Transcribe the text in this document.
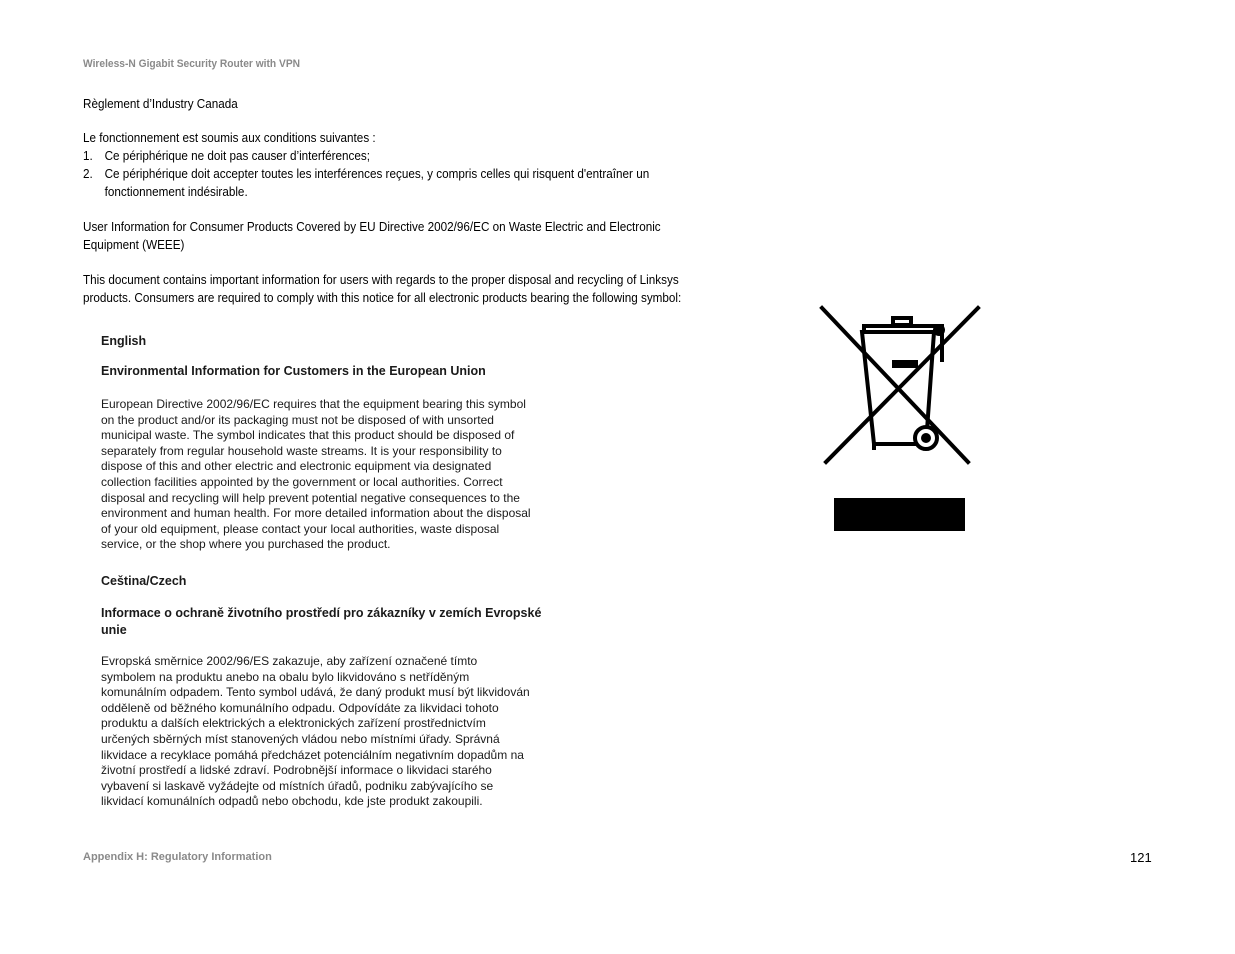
Wireless-N Gigabit Security Router with VPN
Règlement d’Industry Canada
Le fonctionnement est soumis aux conditions suivantes :
1. Ce périphérique ne doit pas causer d’interférences;
2. Ce périphérique doit accepter toutes les interférences reçues, y compris celles qui risquent d'entraîner un
fonctionnement indésirable.
User Information for Consumer Products Covered by EU Directive 2002/96/EC on Waste Electric and Electronic
Equipment (WEEE)
This document contains important information for users with regards to the proper disposal and recycling of Linksys
products. Consumers are required to comply with this notice for all electronic products bearing the following symbol:
English
Environmental Information for Customers in the European Union
European Directive 2002/96/EC requires that the equipment bearing this symbol
on the product and/or its packaging must not be disposed of with unsorted
municipal waste. The symbol indicates that this product should be disposed of
separately from regular household waste streams. It is your responsibility to
dispose of this and other electric and electronic equipment via designated
collection facilities appointed by the government or local authorities. Correct
disposal and recycling will help prevent potential negative consequences to the
environment and human health. For more detailed information about the disposal
of your old equipment, please contact your local authorities, waste disposal
service, or the shop where you purchased the product.
Ceština/Czech
Informace o ochraně životního prostředí pro zákazníky v zemích Evropské
unie
Evropská směrnice 2002/96/ES zakazuje, aby zařízení označené tímto
symbolem na produktu anebo na obalu bylo likvidováno s netříděným
komunálním odpadem. Tento symbol udává, že daný produkt musí být likvidován
odděleně od běžného komunálního odpadu. Odpovídáte za likvidaci tohoto
produktu a dalších elektrických a elektronických zařízení prostřednictvím
určených sběrných míst stanovených vládou nebo místními úřady. Správná
likvidace a recyklace pomáhá předcházet potenciálním negativním dopadům na
životní prostředí a lidské zdraví. Podrobnější informace o likvidaci starého
vybavení si laskavě vyžádejte od místních úřadů, podniku zabývajícího se
likvidací komunálních odpadů nebo obchodu, kde jste produkt zakoupili.
Appendix H: Regulatory Information	121
